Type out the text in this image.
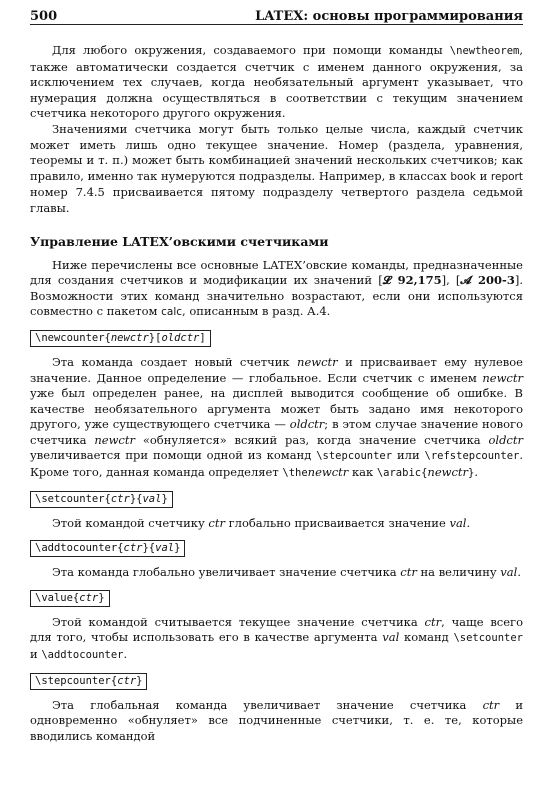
500	LATEX: основы программирования

Для любого окружения, создаваемого при помощи команды \newtheorem, также автоматически создается счетчик с именем данного окружения, за исключением тех случаев, когда необязательный аргумент указывает, что нумерация должна осуществляться в соответствии с текущим значением счетчика некоторого другого окружения.

Значениями счетчика могут быть только целые числа, каждый счетчик может иметь лишь одно текущее значение. Номер (раздела, уравнения, теоремы и т. п.) может быть комбинацией значений нескольких счетчиков; как правило, именно так нумеруются подразделы. Например, в классах book и report номер 7.4.5 присваивается пятому подразделу четвертого раздела седьмой главы.

Управление LATEX’овскими счетчиками

Ниже перечислены все основные LATEX’овские команды, предназначенные для создания счетчиков и модификации их значений [𝓛 92,175], [𝓐 200-3]. Возможности этих команд значительно возрастают, если они используются совместно с пакетом calc, описанным в разд. А.4.

\newcounter{newctr}[oldctr]

Эта команда создает новый счетчик newctr и присваивает ему нулевое значение. Данное определение — глобальное. Если счетчик с именем newctr уже был определен ранее, на дисплей выводится сообщение об ошибке. В качестве необязательного аргумента может быть задано имя некоторого другого, уже существующего счетчика — oldctr; в этом случае значение нового счетчика newctr «обнуляется» всякий раз, когда значение счетчика oldctr увеличивается при помощи одной из команд \stepcounter или \refstepcounter. Кроме того, данная команда определяет \thenewctr как \arabic{newctr}.

\setcounter{ctr}{val}

Этой командой счетчику ctr глобально присваивается значение val.

\addtocounter{ctr}{val}

Эта команда глобально увеличивает значение счетчика ctr на величину val.

\value{ctr}

Этой командой считывается текущее значение счетчика ctr, чаще всего для того, чтобы использовать его в качестве аргумента val команд \setcounter и \addtocounter.

\stepcounter{ctr}

Эта глобальная команда увеличивает значение счетчика ctr и одновременно «обнуляет» все подчиненные счетчики, т. е. те, которые вводились командой
